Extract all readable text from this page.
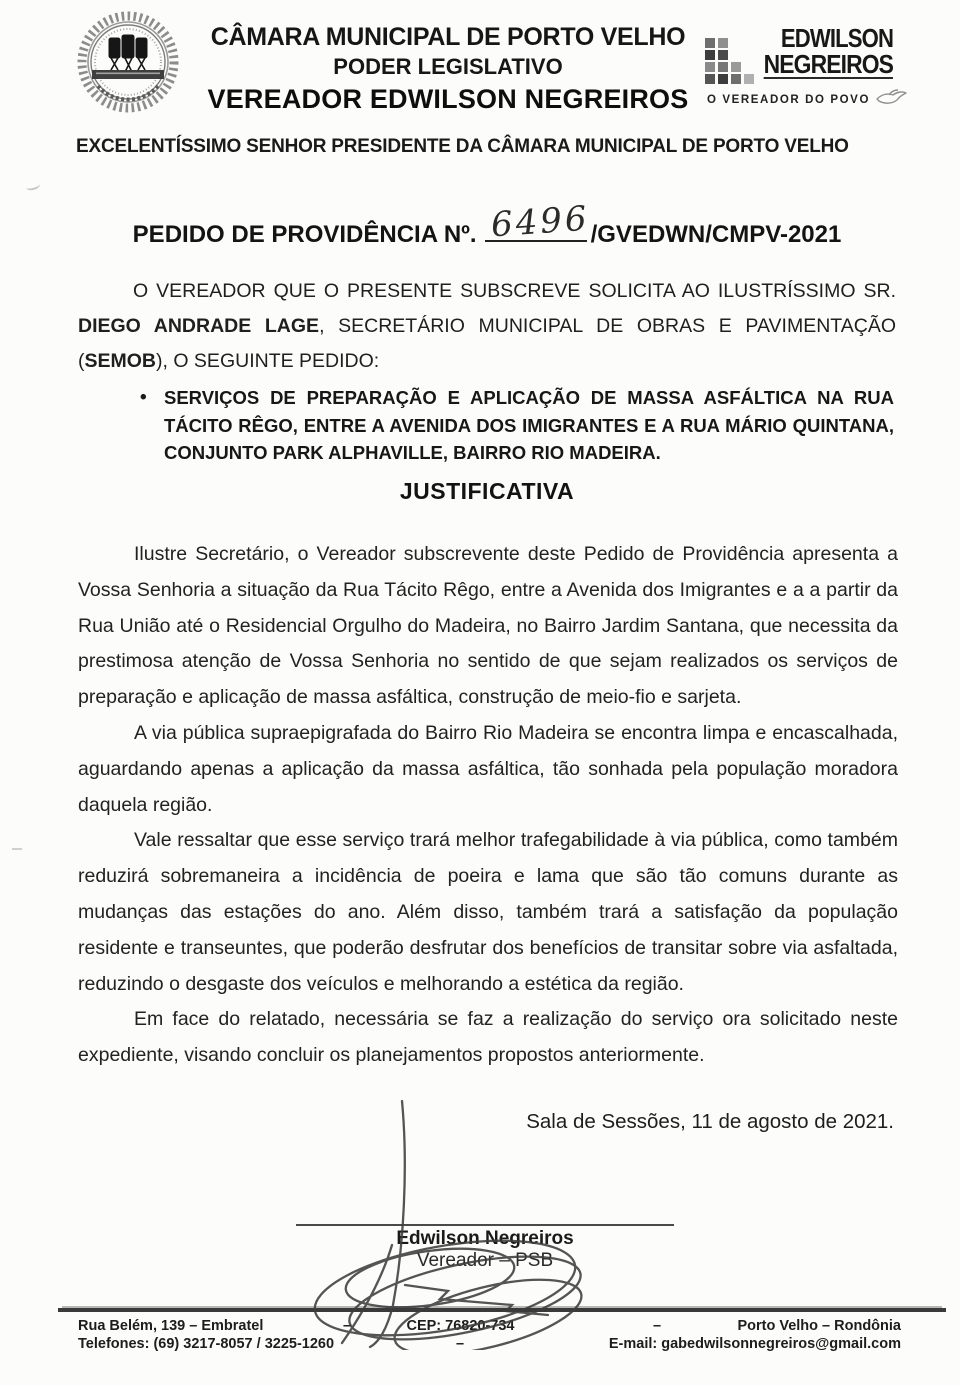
CÂMARA MUNICIPAL DE PORTO VELHO
PODER LEGISLATIVO
VEREADOR EDWILSON NEGREIROS
EDWILSON
NEGREIROS
O VEREADOR DO POVO
EXCELENTÍSSIMO SENHOR PRESIDENTE DA CÂMARA MUNICIPAL DE PORTO VELHO
PEDIDO DE PROVIDÊNCIA Nº. 6496 /GVEDWN/CMPV-2021
O VEREADOR QUE O PRESENTE SUBSCREVE SOLICITA AO ILUSTRÍSSIMO SR. DIEGO ANDRADE LAGE, SECRETÁRIO MUNICIPAL DE OBRAS E PAVIMENTAÇÃO (SEMOB), O SEGUINTE PEDIDO:
• SERVIÇOS DE PREPARAÇÃO E APLICAÇÃO DE MASSA ASFÁLTICA NA RUA TÁCITO RÊGO, ENTRE A AVENIDA DOS IMIGRANTES E A RUA MÁRIO QUINTANA, CONJUNTO PARK ALPHAVILLE, BAIRRO RIO MADEIRA.
JUSTIFICATIVA

Ilustre Secretário, o Vereador subscrevente deste Pedido de Providência apresenta a Vossa Senhoria a situação da Rua Tácito Rêgo, entre a Avenida dos Imigrantes e a a partir da Rua União até o Residencial Orgulho do Madeira, no Bairro Jardim Santana, que necessita da prestimosa atenção de Vossa Senhoria no sentido de que sejam realizados os serviços de preparação e aplicação de massa asfáltica, construção de meio-fio e sarjeta.

A via pública supraepigrafada do Bairro Rio Madeira se encontra limpa e encascalhada, aguardando apenas a aplicação da massa asfáltica, tão sonhada pela população moradora daquela região.

Vale ressaltar que esse serviço trará melhor trafegabilidade à via pública, como também reduzirá sobremaneira a incidência de poeira e lama que são tão comuns durante as mudanças das estações do ano. Além disso, também trará a satisfação da população residente e transeuntes, que poderão desfrutar dos benefícios de transitar sobre via asfaltada, reduzindo o desgaste dos veículos e melhorando a estética da região.

Em face do relatado, necessária se faz a realização do serviço ora solicitado neste expediente, visando concluir os planejamentos propostos anteriormente.

Sala de Sessões, 11 de agosto de 2021.
Edwilson Negreiros
Vereador – PSB
Rua Belém, 139 – Embratel	–	CEP: 76820-734	–	Porto Velho – Rondônia
Telefones: (69) 3217-8057 / 3225-1260	–	E-mail: gabedwilsonnegreiros@gmail.com
